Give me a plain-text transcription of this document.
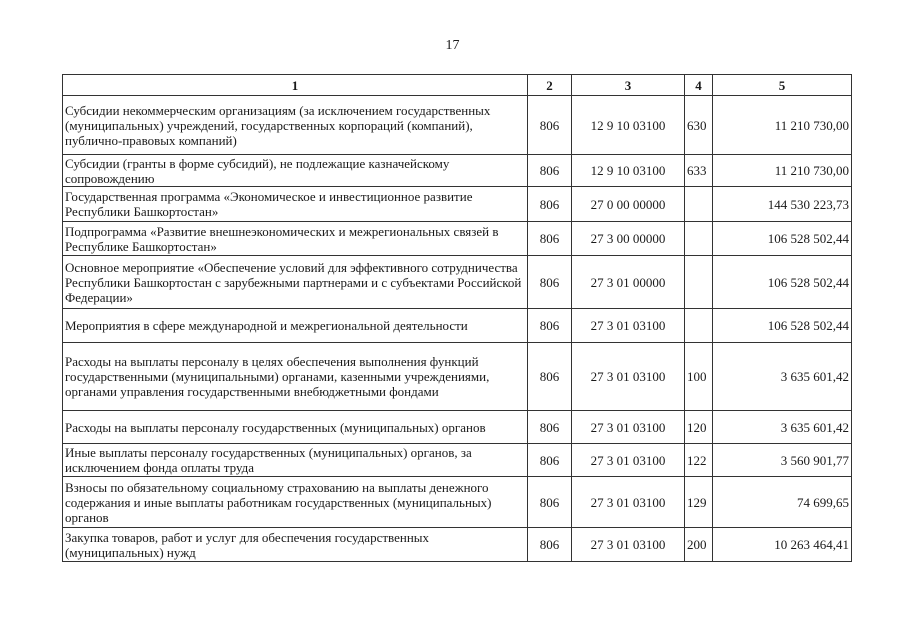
17
1	2	3	4	5
Субсидии некоммерческим организациям (за исключением государственных (муниципальных) учреждений, государственных корпораций (компаний), публично-правовых компаний)	806	12 9 10 03100	630	11 210 730,00
Субсидии (гранты в форме субсидий), не подлежащие казначейскому сопровождению	806	12 9 10 03100	633	11 210 730,00
Государственная программа «Экономическое и инвестиционное развитие Республики Башкортостан»	806	27 0 00 00000		144 530 223,73
Подпрограмма «Развитие внешнеэкономических и межрегиональных связей в Республике Башкортостан»	806	27 3 00 00000		106 528 502,44
Основное мероприятие «Обеспечение условий для эффективного сотрудничества Республики Башкортостан с зарубежными партнерами и с субъектами Российской Федерации»	806	27 3 01 00000		106 528 502,44
Мероприятия в сфере международной и межрегиональной деятельности	806	27 3 01 03100		106 528 502,44
Расходы на выплаты персоналу в целях обеспечения выполнения функций государственными (муниципальными) органами, казенными учреждениями, органами управления государственными внебюджетными фондами	806	27 3 01 03100	100	3 635 601,42
Расходы на выплаты персоналу государственных (муниципальных) органов	806	27 3 01 03100	120	3 635 601,42
Иные выплаты персоналу государственных (муниципальных) органов, за исключением фонда оплаты труда	806	27 3 01 03100	122	3 560 901,77
Взносы по обязательному социальному страхованию на выплаты денежного содержания и иные выплаты работникам государственных (муниципальных) органов	806	27 3 01 03100	129	74 699,65
Закупка товаров, работ и услуг для обеспечения государственных (муниципальных) нужд	806	27 3 01 03100	200	10 263 464,41
